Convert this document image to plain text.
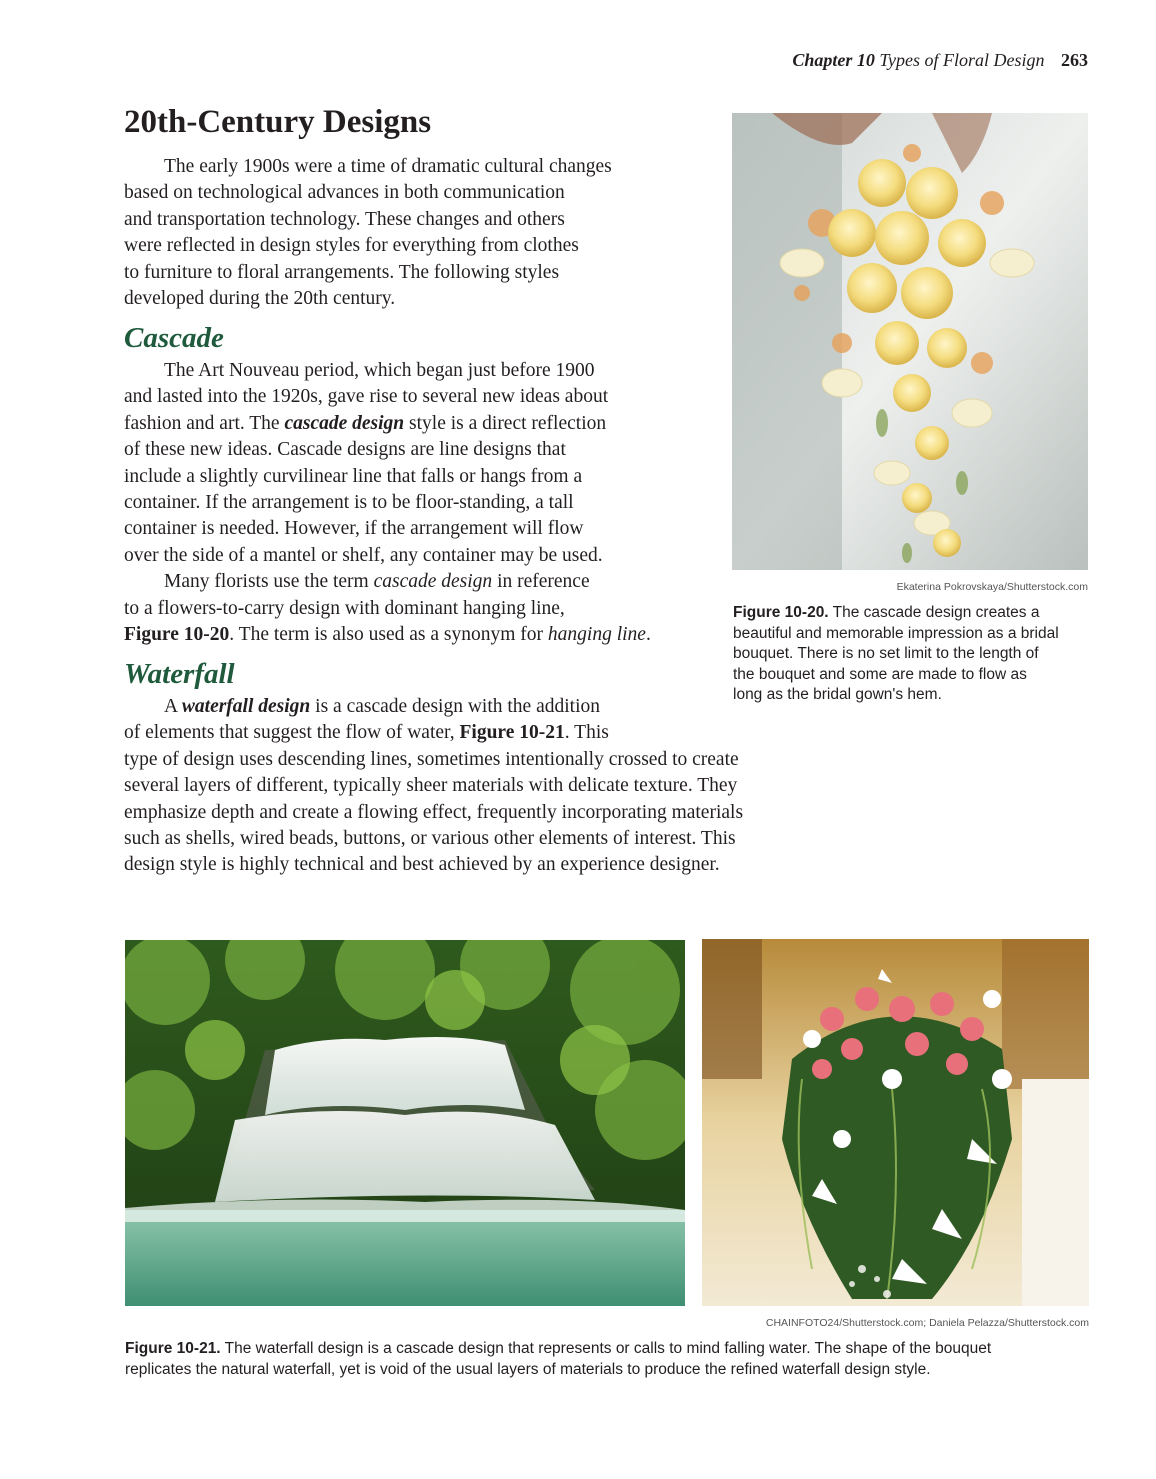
Chapter 10 Types of Floral Design 263
20th-Century Designs

The early 1900s were a time of dramatic cultural changes
based on technological advances in both communication
and transportation technology. These changes and others
were reflected in design styles for everything from clothes
to furniture to floral arrangements. The following styles
developed during the 20th century.

Cascade

The Art Nouveau period, which began just before 1900
and lasted into the 1920s, gave rise to several new ideas about
fashion and art. The cascade design style is a direct reflection
of these new ideas. Cascade designs are line designs that
include a slightly curvilinear line that falls or hangs from a
container. If the arrangement is to be floor-standing, a tall
container is needed. However, if the arrangement will flow
over the side of a mantel or shelf, any container may be used.
Many florists use the term cascade design in reference
to a flowers-to-carry design with dominant hanging line,
Figure 10-20. The term is also used as a synonym for hanging line.

Waterfall

A waterfall design is a cascade design with the addition
of elements that suggest the flow of water, Figure 10-21. This
type of design uses descending lines, sometimes intentionally crossed to create
several layers of different, typically sheer materials with delicate texture. They
emphasize depth and create a flowing effect, frequently incorporating materials
such as shells, wired beads, buttons, or various other elements of interest. This
design style is highly technical and best achieved by an experience designer.

Ekaterina Pokrovskaya/Shutterstock.com
Figure 10-20. The cascade design creates a
beautiful and memorable impression as a bridal
bouquet. There is no set limit to the length of
the bouquet and some are made to flow as
long as the bridal gown's hem.
CHAINFOTO24/Shutterstock.com; Daniela Pelazza/Shutterstock.com
Figure 10-21. The waterfall design is a cascade design that represents or calls to mind falling water. The shape of the bouquet
replicates the natural waterfall, yet is void of the usual layers of materials to produce the refined waterfall design style.
